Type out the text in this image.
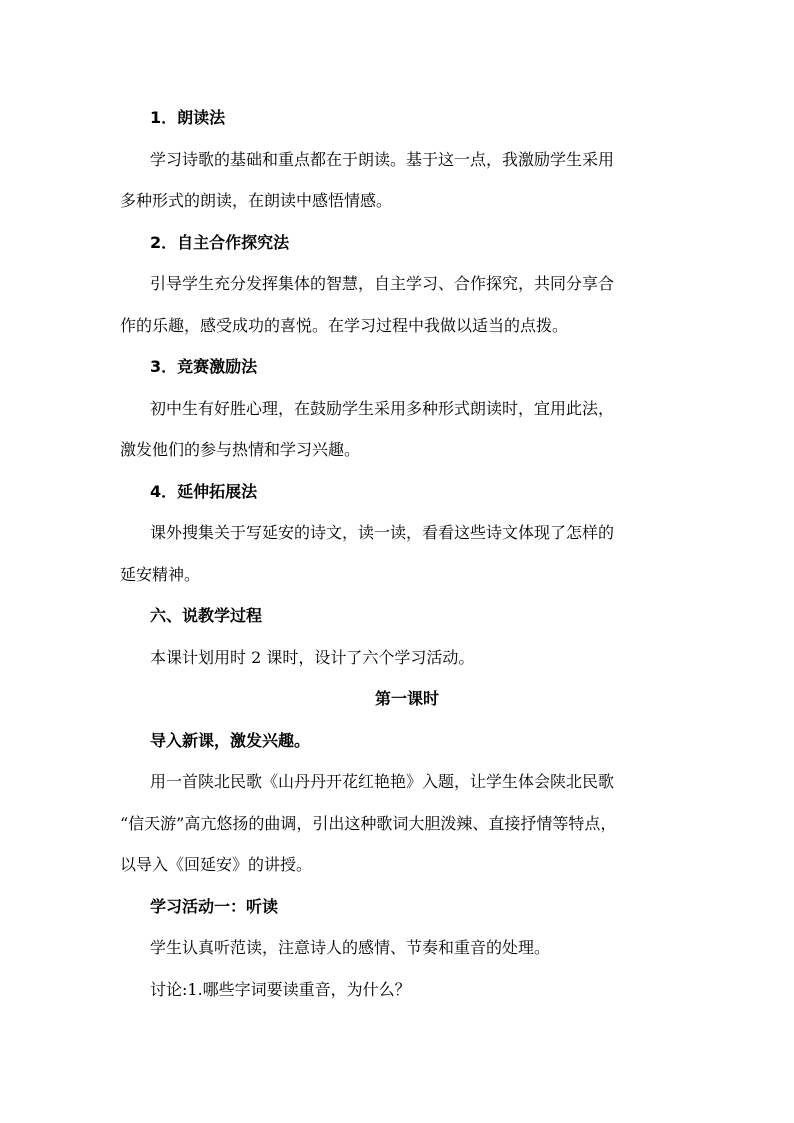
1．朗读法
学习诗歌的基础和重点都在于朗读。基于这一点，我激励学生采用
多种形式的朗读，在朗读中感悟情感。
2．自主合作探究法
引导学生充分发挥集体的智慧，自主学习、合作探究，共同分享合
作的乐趣，感受成功的喜悦。在学习过程中我做以适当的点拨。
3．竞赛激励法
初中生有好胜心理，在鼓励学生采用多种形式朗读时，宜用此法，
激发他们的参与热情和学习兴趣。
4．延伸拓展法
课外搜集关于写延安的诗文，读一读，看看这些诗文体现了怎样的
延安精神。
六、说教学过程
本课计划用时 2 课时，设计了六个学习活动。
第一课时
导入新课，激发兴趣。
用一首陕北民歌《山丹丹开花红艳艳》入题，让学生体会陕北民歌
“信天游”高亢悠扬的曲调，引出这种歌词大胆泼辣、直接抒情等特点，
以导入《回延安》的讲授。
学习活动一：听读
学生认真听范读，注意诗人的感情、节奏和重音的处理。
讨论:1.哪些字词要读重音，为什么？
